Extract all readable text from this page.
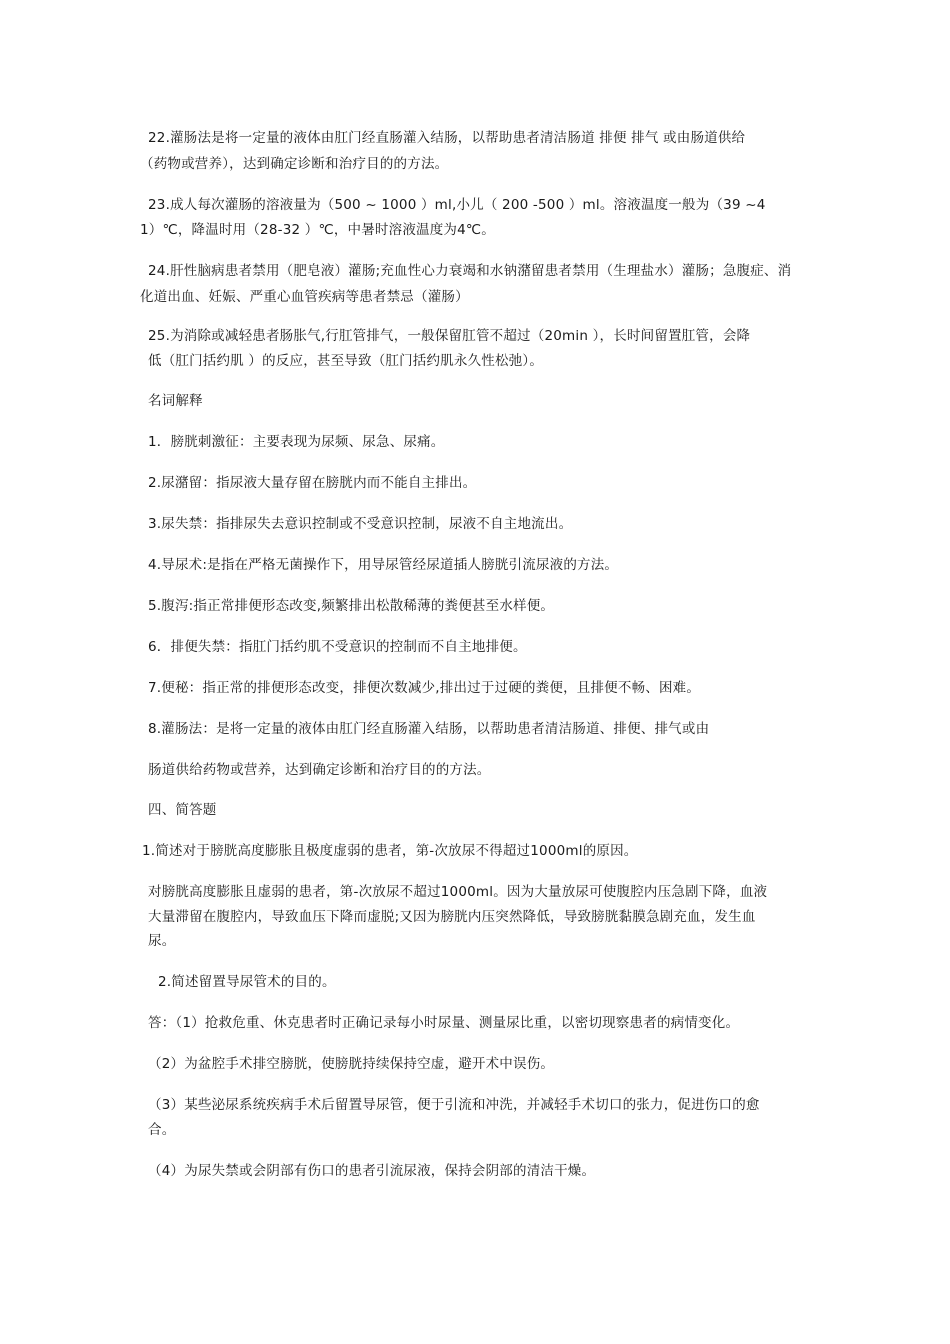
22.灌肠法是将一定量的液体由肛门经直肠灌入结肠，以帮助患者清洁肠道 排便 排气 或由肠道供给
（药物或营养），达到确定诊断和治疗目的的方法。
23.成人每次灌肠的溶液量为（500 ~ 1000 ）ml,小儿（ 200 -500 ）ml。溶液温度一般为（39 ~4
1）℃，降温时用（28-32 ）℃，中暑时溶液温度为4℃。
24.肝性脑病患者禁用（肥皂液）灌肠;充血性心力衰竭和水钠潴留患者禁用（生理盐水）灌肠；急腹症、消
化道出血、妊娠、严重心血管疾病等患者禁忌（灌肠）
25.为消除或减轻患者肠胀气,行肛管排气，一般保留肛管不超过（20min ），长时间留置肛管，会降
低（肛门括约肌 ）的反应，甚至导致（肛门括约肌永久性松弛）。
名词解释
1．膀胱刺激征：主要表现为尿频、尿急、尿痛。
2.尿潴留：指尿液大量存留在膀胱内而不能自主排出。
3.尿失禁：指排尿失去意识控制或不受意识控制，尿液不自主地流出。
4.导尿术:是指在严格无菌操作下，用导尿管经尿道插人膀胱引流尿液的方法。
5.腹泻:指正常排便形态改变,频繁排出松散稀薄的粪便甚至水样便。
6．排便失禁：指肛门括约肌不受意识的控制而不自主地排便。
7.便秘：指正常的排便形态改变，排便次数减少,排出过于过硬的粪便，且排便不畅、困难。
8.灌肠法：是将一定量的液体由肛门经直肠灌入结肠，以帮助患者清洁肠道、排便、排气或由
肠道供给药物或营养，达到确定诊断和治疗目的的方法。
四、简答题
1.简述对于膀胱高度膨胀且极度虚弱的患者，第-次放尿不得超过1000ml的原因。
对膀胱高度膨胀且虚弱的患者，第-次放尿不超过1000ml。因为大量放尿可使腹腔内压急剧下降，血液
大量滞留在腹腔内，导致血压下降而虚脱;又因为膀胱内压突然降低，导致膀胱黏膜急剧充血，发生血
尿。
2.简述留置导尿管术的目的。
答：（1）抢救危重、休克患者时正确记录每小时尿量、测量尿比重，以密切现察患者的病情变化。
（2）为盆腔手术排空膀胱，使膀胱持续保持空虚，避开术中误伤。
（3）某些泌尿系统疾病手术后留置导尿管，便于引流和冲洗，并减轻手术切口的张力，促进伤口的愈
合。
（4）为尿失禁或会阴部有伤口的患者引流尿液，保持会阴部的清洁干燥。
